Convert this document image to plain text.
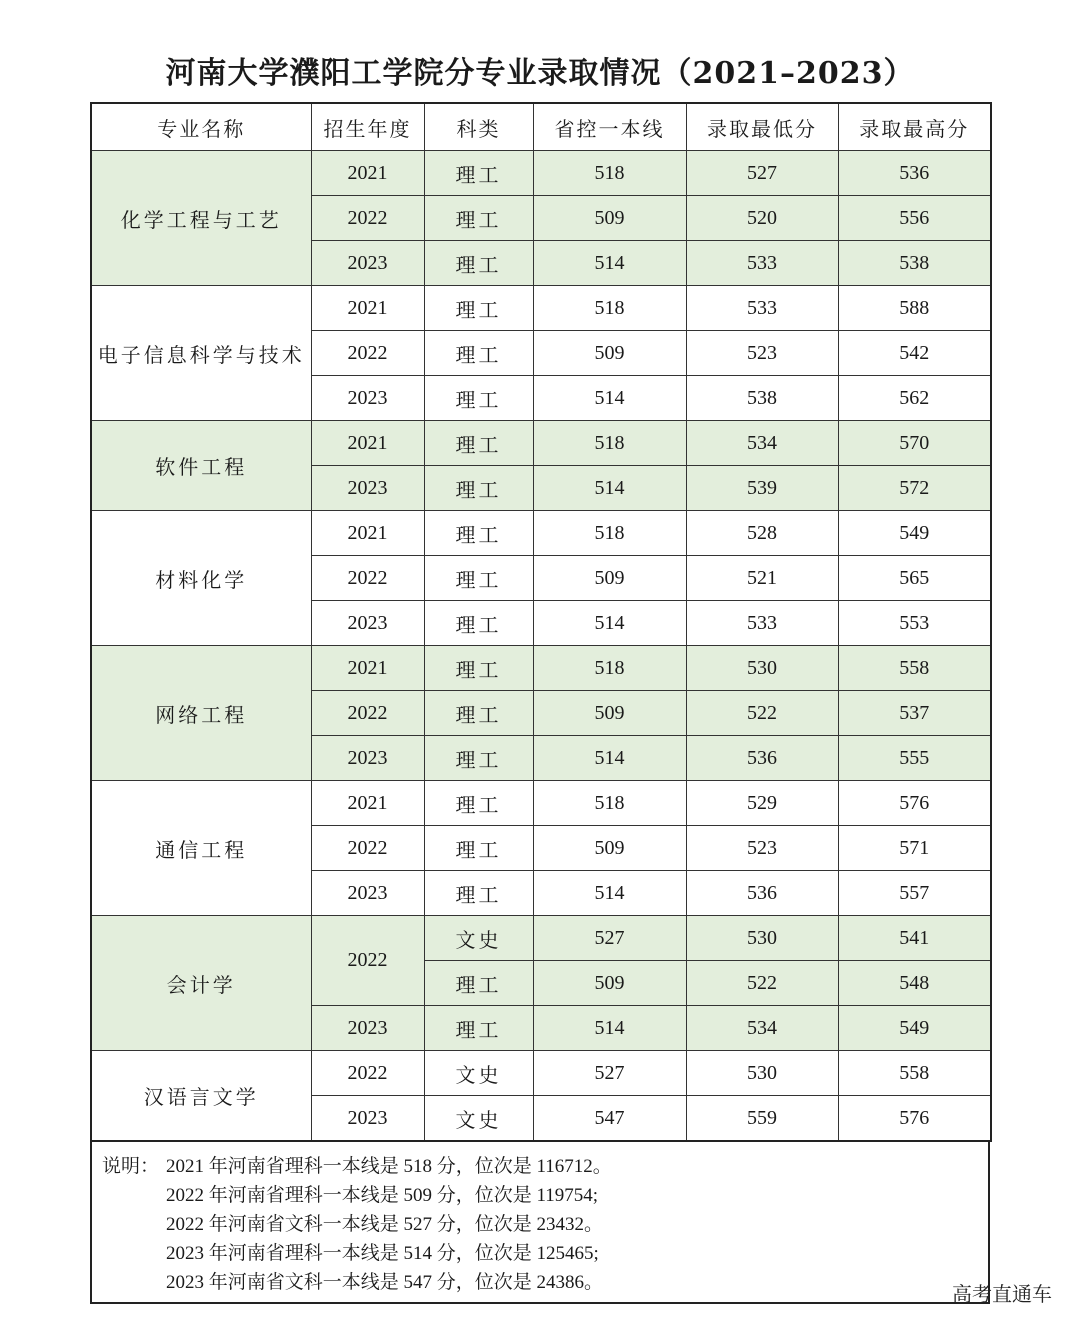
河南大学濮阳工学院分专业录取情况（2021–2023）
专业名称	招生年度	科类	省控一本线	录取最低分	录取最高分
化学工程与工艺	2021	理工	518	527	536
	2022	理工	509	520	556
	2023	理工	514	533	538
电子信息科学与技术	2021	理工	518	533	588
	2022	理工	509	523	542
	2023	理工	514	538	562
软件工程	2021	理工	518	534	570
	2023	理工	514	539	572
材料化学	2021	理工	518	528	549
	2022	理工	509	521	565
	2023	理工	514	533	553
网络工程	2021	理工	518	530	558
	2022	理工	509	522	537
	2023	理工	514	536	555
通信工程	2021	理工	518	529	576
	2022	理工	509	523	571
	2023	理工	514	536	557
会计学	2022	文史	527	530	541
		理工	509	522	548
	2023	理工	514	534	549
汉语言文学	2022	文史	527	530	558
	2023	文史	547	559	576
说明： 2021 年河南省理科一本线是 518 分，位次是 116712。
2022 年河南省理科一本线是 509 分，位次是 119754;
2022 年河南省文科一本线是 527 分，位次是 23432。
2023 年河南省理科一本线是 514 分，位次是 125465;
2023 年河南省文科一本线是 547 分，位次是 24386。	高考直通车
